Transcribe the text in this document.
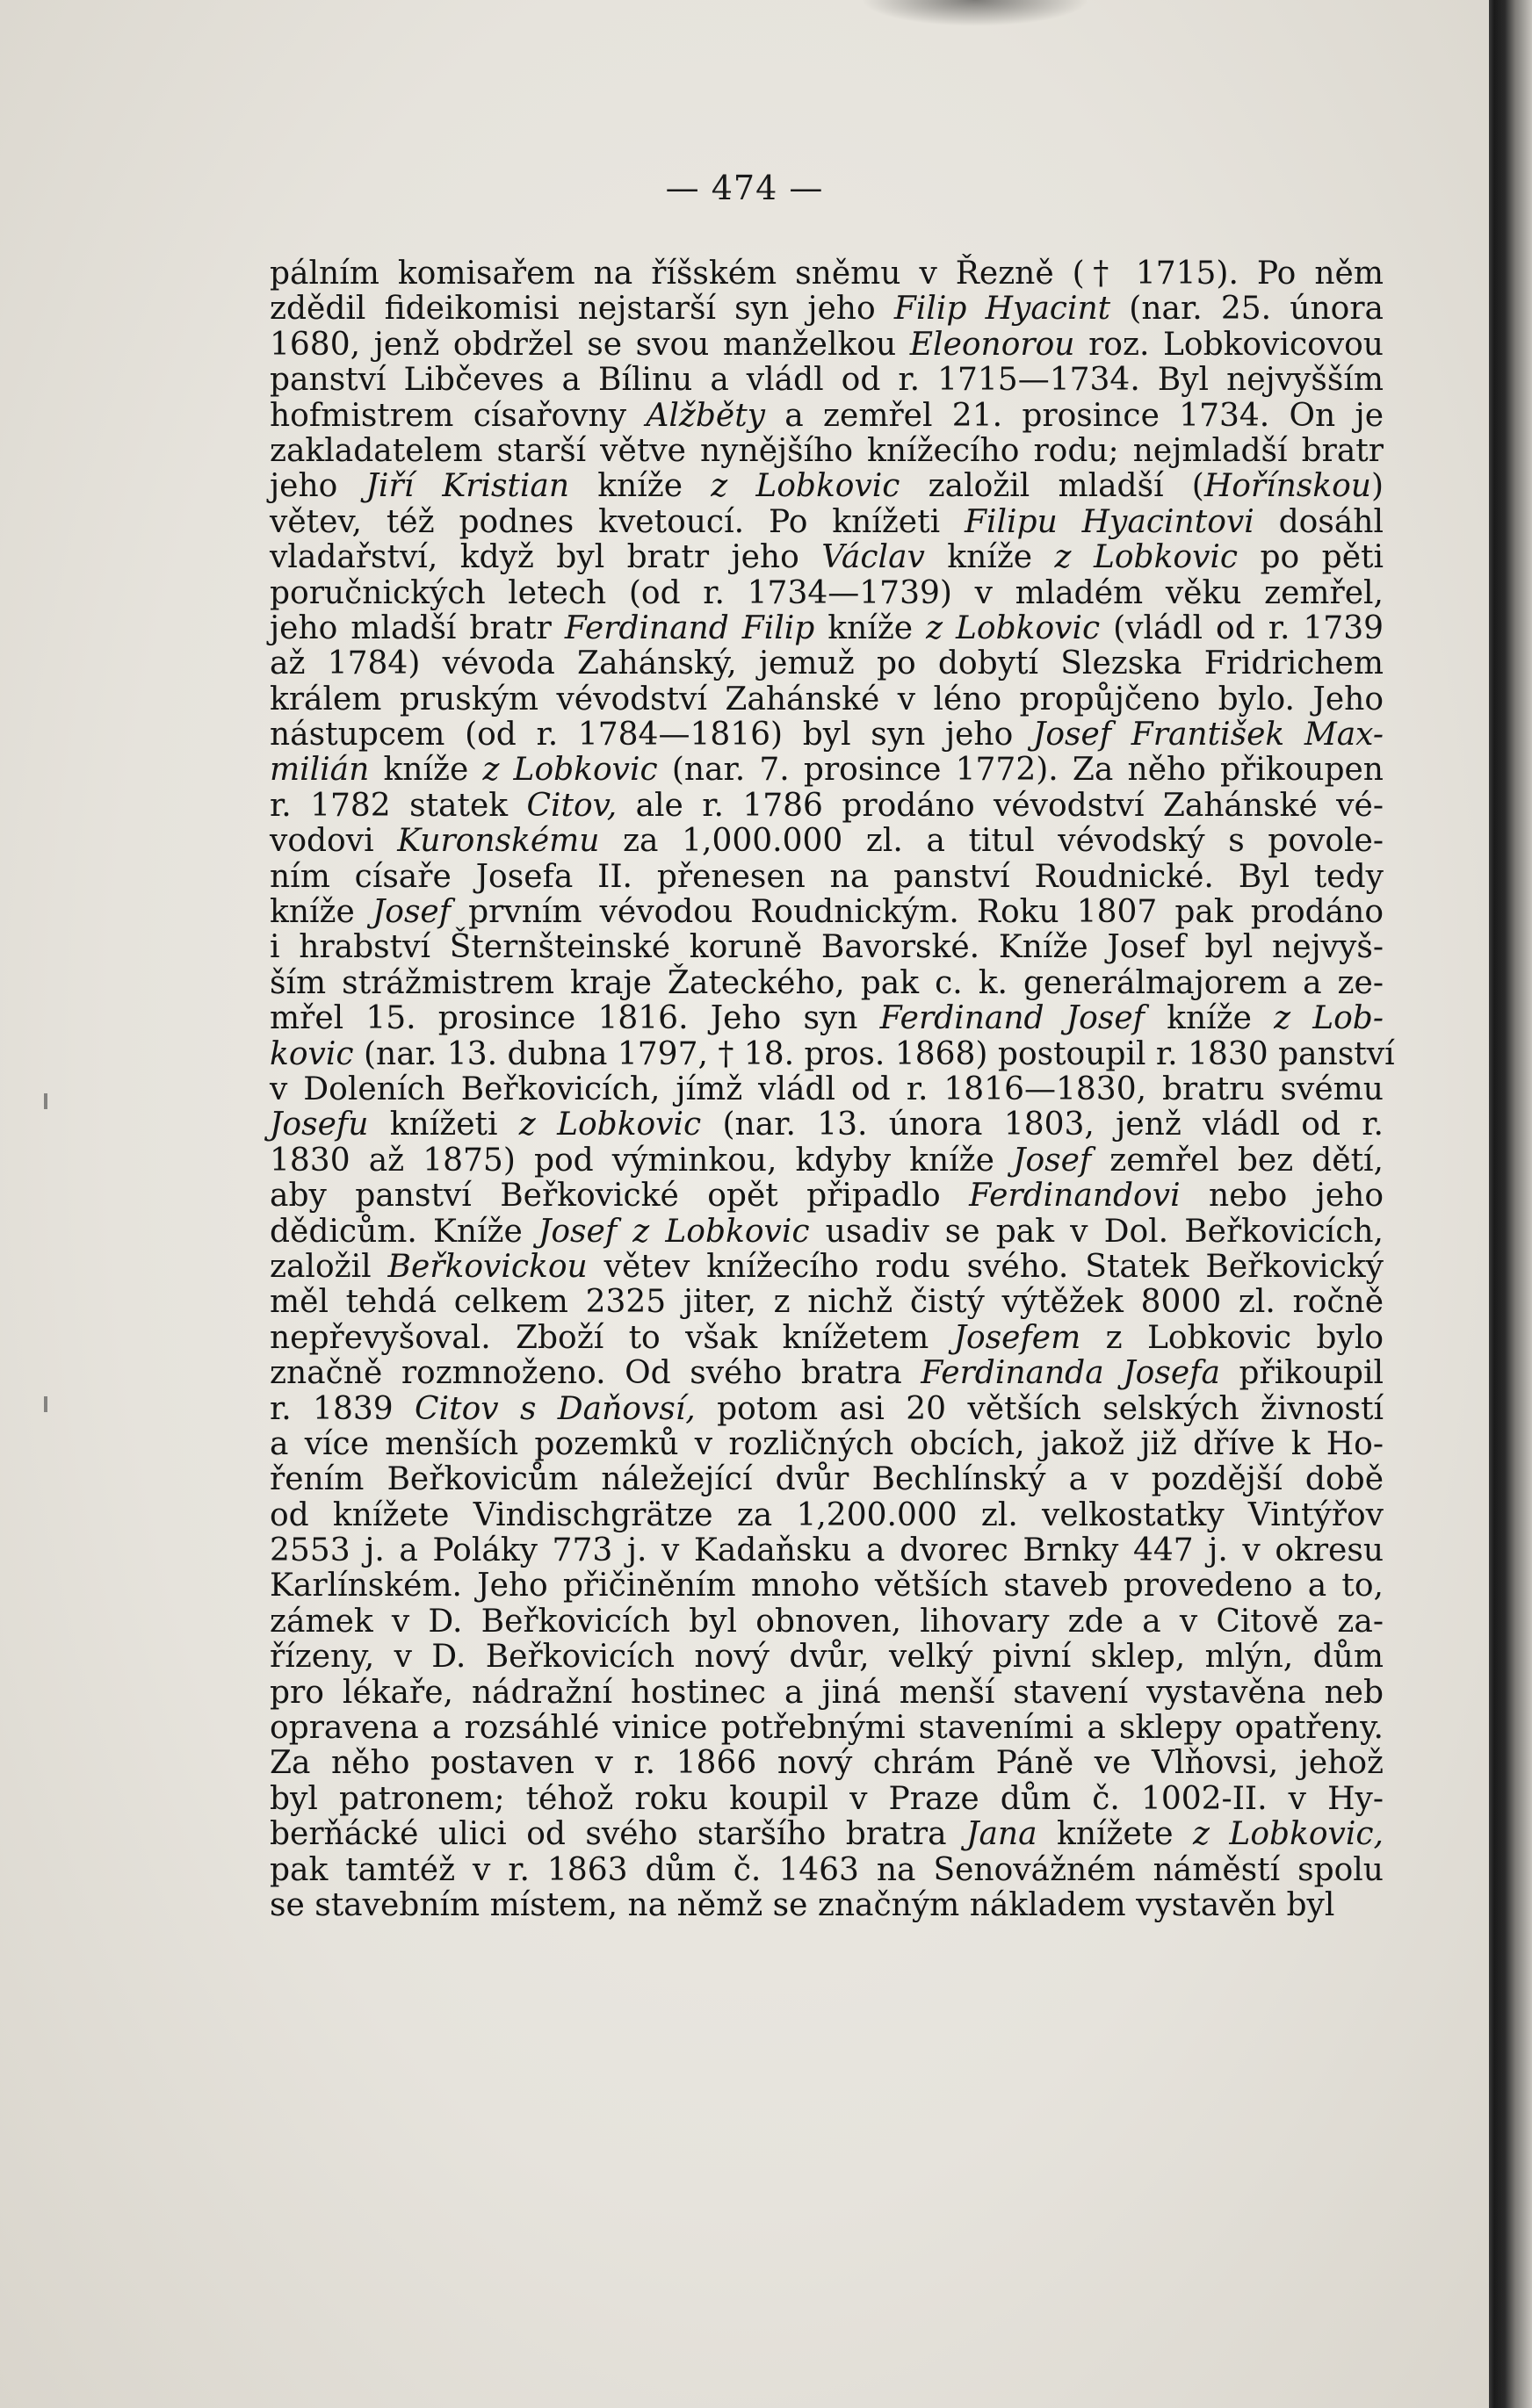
— 474 —
pálním komisařem na říšském sněmu v Řezně († 1715). Po něm
zdědil fideikomisi nejstarší syn jeho Filip Hyacint (nar. 25. února
1680, jenž obdržel se svou manželkou Eleonorou roz. Lobkovicovou
panství Libčeves a Bílinu a vládl od r. 1715—1734. Byl nejvyšším
hofmistrem císařovny Alžběty a zemřel 21. prosince 1734. On je
zakladatelem starší větve nynějšího knížecího rodu; nejmladší bratr
jeho Jiří Kristian kníže z Lobkovic založil mladší (Hořínskou)
větev, též podnes kvetoucí. Po knížeti Filipu Hyacintovi dosáhl
vladařství, když byl bratr jeho Václav kníže z Lobkovic po pěti
poručnických letech (od r. 1734—1739) v mladém věku zemřel,
jeho mladší bratr Ferdinand Filip kníže z Lobkovic (vládl od r. 1739
až 1784) vévoda Zahánský, jemuž po dobytí Slezska Fridrichem
králem pruským vévodství Zahánské v léno propůjčeno bylo. Jeho
nástupcem (od r. 1784—1816) byl syn jeho Josef František Max-
milián kníže z Lobkovic (nar. 7. prosince 1772). Za něho přikoupen
r. 1782 statek Citov, ale r. 1786 prodáno vévodství Zahánské vé-
vodovi Kuronskému za 1,000.000 zl. a titul vévodský s povole-
ním císaře Josefa II. přenesen na panství Roudnické. Byl tedy
kníže Josef prvním vévodou Roudnickým. Roku 1807 pak prodáno
i hrabství Šternšteinské koruně Bavorské. Kníže Josef byl nejvyš-
ším strážmistrem kraje Žateckého, pak c. k. generálmajorem a ze-
mřel 15. prosince 1816. Jeho syn Ferdinand Josef kníže z Lob-
kovic (nar. 13. dubna 1797, † 18. pros. 1868) postoupil r. 1830 panství
v Doleních Beřkovicích, jímž vládl od r. 1816—1830, bratru svému
Josefu knížeti z Lobkovic (nar. 13. února 1803, jenž vládl od r.
1830 až 1875) pod výminkou, kdyby kníže Josef zemřel bez dětí,
aby panství Beřkovické opět připadlo Ferdinandovi nebo jeho
dědicům. Kníže Josef z Lobkovic usadiv se pak v Dol. Beřkovicích,
založil Beřkovickou větev knížecího rodu svého. Statek Beřkovický
měl tehdá celkem 2325 jiter, z nichž čistý výtěžek 8000 zl. ročně
nepřevyšoval. Zboží to však knížetem Josefem z Lobkovic bylo
značně rozmnoženo. Od svého bratra Ferdinanda Josefa přikoupil
r. 1839 Citov s Daňovsí, potom asi 20 větších selských živností
a více menších pozemků v rozličných obcích, jakož již dříve k Ho-
řením Beřkovicům náležející dvůr Bechlínský a v pozdější době
od knížete Vindischgrätze za 1,200.000 zl. velkostatky Vintýřov
2553 j. a Poláky 773 j. v Kadaňsku a dvorec Brnky 447 j. v okresu
Karlínském. Jeho přičiněním mnoho větších staveb provedeno a to,
zámek v D. Beřkovicích byl obnoven, lihovary zde a v Citově za-
řízeny, v D. Beřkovicích nový dvůr, velký pivní sklep, mlýn, dům
pro lékaře, nádražní hostinec a jiná menší stavení vystavěna neb
opravena a rozsáhlé vinice potřebnými staveními a sklepy opatřeny.
Za něho postaven v r. 1866 nový chrám Páně ve Vlňovsi, jehož
byl patronem; téhož roku koupil v Praze dům č. 1002-II. v Hy-
berňácké ulici od svého staršího bratra Jana knížete z Lobkovic,
pak tamtéž v r. 1863 dům č. 1463 na Senovážném náměstí spolu
se stavebním místem, na němž se značným nákladem vystavěn byl
